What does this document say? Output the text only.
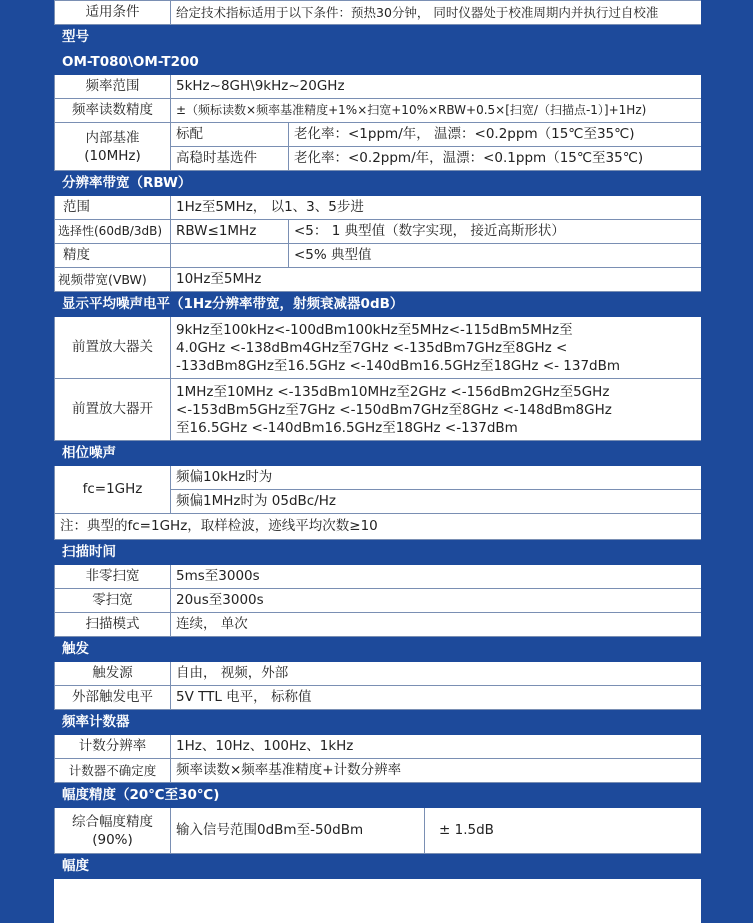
适用条件	给定技术指标适用于以下条件：预热30分钟， 同时仪器处于校准周期内并执行过自校准		
型号			
OM-T080\OM-T200			
频率范围	5kHz~8GH\9kHz~20GHz		
频率读数精度	±（频标读数×频率基准精度+1%×扫宽+10%×RBW+0.5×[扫宽/（扫描点-1）]+1Hz)		

内部基准
(10MHz)	标配	老化率：<1ppm/年， 温漂：<0.2ppm（15℃至35℃)	
	高稳时基选件	老化率：<0.2ppm/年，温漂：<0.1ppm（15℃至35℃)	
分辨率带宽（RBW）			
范围	1Hz至5MHz， 以1、3、5步进		
选择性(60dB/3dB)	RBW≤1MHz	<5： 1 典型值（数字实现， 接近高斯形状）	
精度		<5% 典型值	
视频带宽(VBW)	10Hz至5MHz		
显示平均噪声电平（1Hz分辨率带宽，射频衰减器0dB）			
前置放大器关	9kHz至100kHz<-100dBm100kHz至5MHz<-115dBm5MHz至
4.0GHz <-138dBm4GHz至7GHz <-135dBm7GHz至8GHz <
-133dBm8GHz至16.5GHz <-140dBm16.5GHz至18GHz <- 137dBm		

前置放大器开	1MHz至10MHz <-135dBm10MHz至2GHz <-156dBm2GHz至5GHz
<-153dBm5GHz至7GHz <-150dBm7GHz至8GHz <-148dBm8GHz
至16.5GHz <-140dBm16.5GHz至18GHz <-137dBm		

相位噪声			
fc=1GHz	频偏10kHz时为		
	频偏1MHz时为 05dBc/Hz		
注：典型的fc=1GHz，取样检波，迹线平均次数≥10			
扫描时间			
非零扫宽	5ms至3000s		
零扫宽	20us至3000s		
扫描模式	连续， 单次		
触发			
触发源	自由， 视频，外部		
外部触发电平	5V TTL 电平， 标称值		
频率计数器			
计数分辨率	1Hz、10Hz、100Hz、1kHz		
计数器不确定度	频率读数×频率基准精度+计数分辨率		
幅度精度（20℃至30℃)			

综合幅度精度
(90%)	输入信号范围0dBm至-50dBm		± 1.5dB
幅度			
